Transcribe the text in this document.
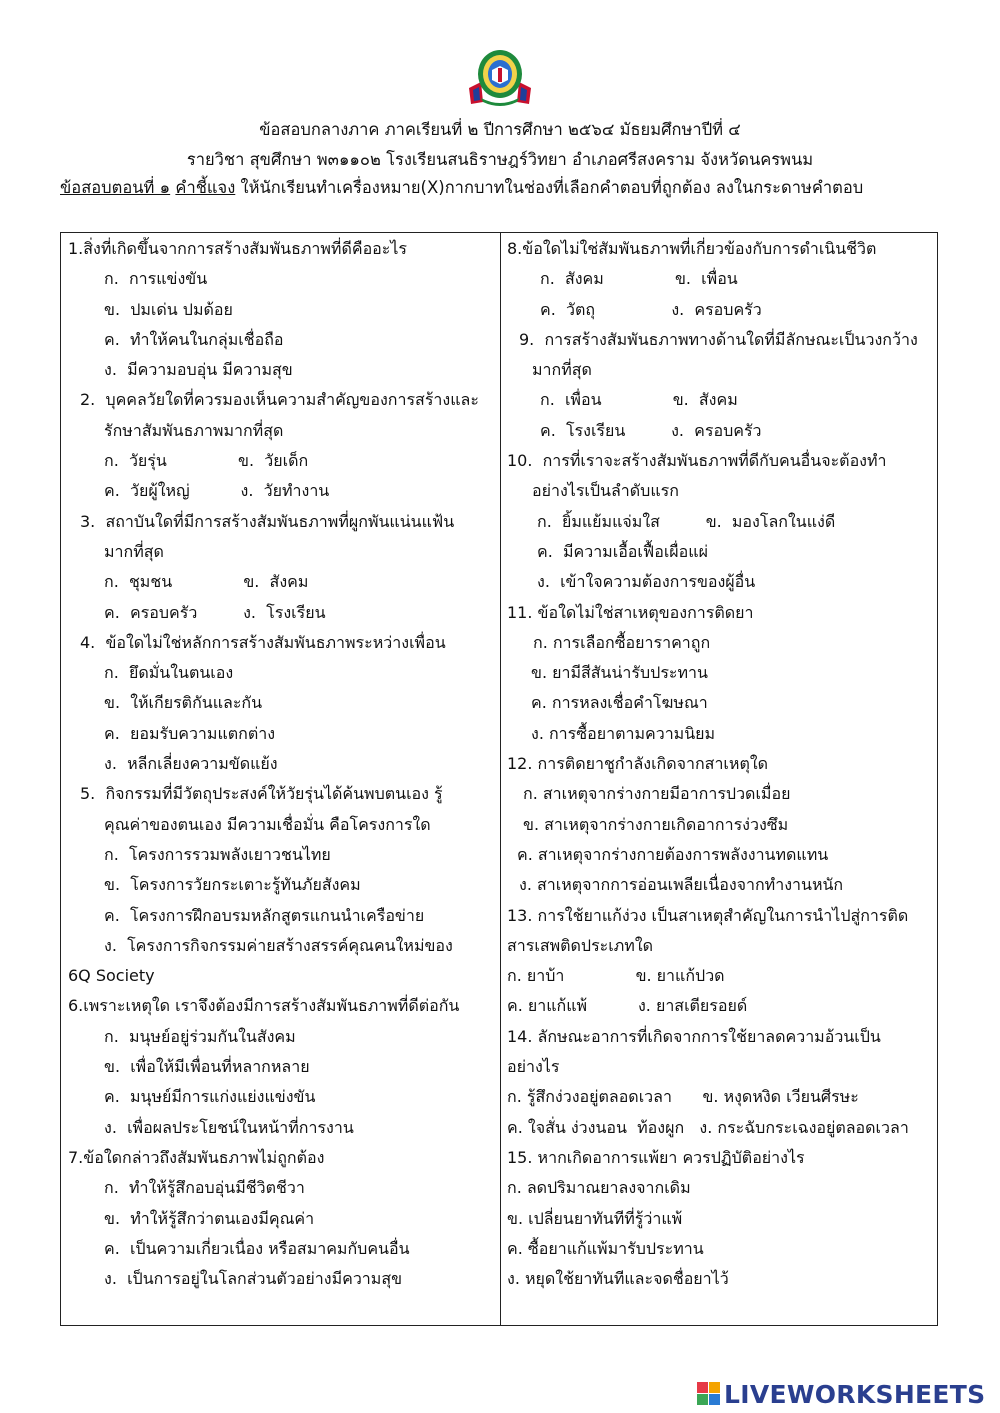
ข้อสอบกลางภาค ภาคเรียนที่ ๒ ปีการศึกษา ๒๕๖๔ มัธยมศึกษาปีที่ ๔
รายวิชา สุขศึกษา พ๓๑๑๐๒ โรงเรียนสนธิราษฎร์วิทยา อำเภอศรีสงคราม จังหวัดนครพนม
ข้อสอบตอนที่ ๑ คำชี้แจง ให้นักเรียนทำเครื่องหมาย(X)กากบาทในช่องที่เลือกคำตอบที่ถูกต้อง ลงในกระดาษคำตอบ
1.สิ่งที่เกิดขึ้นจากการสร้างสัมพันธภาพที่ดีคืออะไร
ก.  การแข่งขัน
ข.  ปมเด่น ปมด้อย
ค.  ทำให้คนในกลุ่มเชื่อถือ
ง.  มีความอบอุ่น มีความสุข
2.  บุคคลวัยใดที่ควรมองเห็นความสำคัญของการสร้างและ
รักษาสัมพันธภาพมากที่สุด
ก.  วัยรุ่น              ข.  วัยเด็ก
ค.  วัยผู้ใหญ่          ง.  วัยทำงาน
3.  สถาบันใดที่มีการสร้างสัมพันธภาพที่ผูกพันแน่นแฟ้น
มากที่สุด
ก.  ชุมชน              ข.  สังคม
ค.  ครอบครัว         ง.  โรงเรียน
4.  ข้อใดไม่ใช่หลักการสร้างสัมพันธภาพระหว่างเพื่อน
ก.  ยึดมั่นในตนเอง
ข.  ให้เกียรติกันและกัน
ค.  ยอมรับความแตกต่าง
ง.  หลีกเลี่ยงความขัดแย้ง
5.  กิจกรรมที่มีวัตถุประสงค์ให้วัยรุ่นได้ค้นพบตนเอง รู้
คุณค่าของตนเอง มีความเชื่อมั่น คือโครงการใด
ก.  โครงการรวมพลังเยาวชนไทย
ข.  โครงการวัยกระเตาะรู้ทันภัยสังคม
ค.  โครงการฝึกอบรมหลักสูตรแกนนำเครือข่าย
ง.  โครงการกิจกรรมค่ายสร้างสรรค์คุณคนใหม่ของ
6Q Society
6.เพราะเหตุใด เราจึงต้องมีการสร้างสัมพันธภาพที่ดีต่อกัน
ก.  มนุษย์อยู่ร่วมกันในสังคม
ข.  เพื่อให้มีเพื่อนที่หลากหลาย
ค.  มนุษย์มีการแก่งแย่งแข่งขัน
ง.  เพื่อผลประโยชน์ในหน้าที่การงาน
7.ข้อใดกล่าวถึงสัมพันธภาพไม่ถูกต้อง
ก.  ทำให้รู้สึกอบอุ่นมีชีวิตชีวา
ข.  ทำให้รู้สึกว่าตนเองมีคุณค่า
ค.  เป็นความเกี่ยวเนื่อง หรือสมาคมกับคนอื่น
ง.  เป็นการอยู่ในโลกส่วนตัวอย่างมีความสุข
8.ข้อใดไม่ใช่สัมพันธภาพที่เกี่ยวข้องกับการดำเนินชีวิต
ก.  สังคม              ข.  เพื่อน
ค.  วัตถุ               ง.  ครอบครัว
9.  การสร้างสัมพันธภาพทางด้านใดที่มีลักษณะเป็นวงกว้าง
มากที่สุด
ก.  เพื่อน              ข.  สังคม
ค.  โรงเรียน         ง.  ครอบครัว
10.  การที่เราจะสร้างสัมพันธภาพที่ดีกับคนอื่นจะต้องทำ
อย่างไรเป็นลำดับแรก
ก.  ยิ้มแย้มแจ่มใส         ข.  มองโลกในแง่ดี
ค.  มีความเอื้อเฟื้อเผื่อแผ่
ง.  เข้าใจความต้องการของผู้อื่น
11. ข้อใดไม่ใช่สาเหตุของการติดยา
ก. การเลือกซื้อยาราคาถูก
ข. ยามีสีสันน่ารับประทาน
ค. การหลงเชื่อคำโฆษณา
ง. การซื้อยาตามความนิยม
12. การติดยาชูกำลังเกิดจากสาเหตุใด
ก. สาเหตุจากร่างกายมีอาการปวดเมื่อย
ข. สาเหตุจากร่างกายเกิดอาการง่วงซึม
ค. สาเหตุจากร่างกายต้องการพลังงานทดแทน
ง. สาเหตุจากการอ่อนเพลียเนื่องจากทำงานหนัก
13. การใช้ยาแก้ง่วง เป็นสาเหตุสำคัญในการนำไปสู่การติด
สารเสพติดประเภทใด
ก. ยาบ้า              ข. ยาแก้ปวด
ค. ยาแก้แพ้          ง. ยาสเตียรอยด์
14. ลักษณะอาการที่เกิดจากการใช้ยาลดความอ้วนเป็น
อย่างไร
ก. รู้สึกง่วงอยู่ตลอดเวลา      ข. หงุดหงิด เวียนศีรษะ
ค. ใจสั่น ง่วงนอน  ท้องผูก   ง. กระฉับกระเฉงอยู่ตลอดเวลา
15. หากเกิดอาการแพ้ยา ควรปฏิบัติอย่างไร
ก. ลดปริมาณยาลงจากเดิม
ข. เปลี่ยนยาทันทีที่รู้ว่าแพ้
ค. ซื้อยาแก้แพ้มารับประทาน
ง. หยุดใช้ยาทันทีและจดชื่อยาไว้
LIVEWORKSHEETS
